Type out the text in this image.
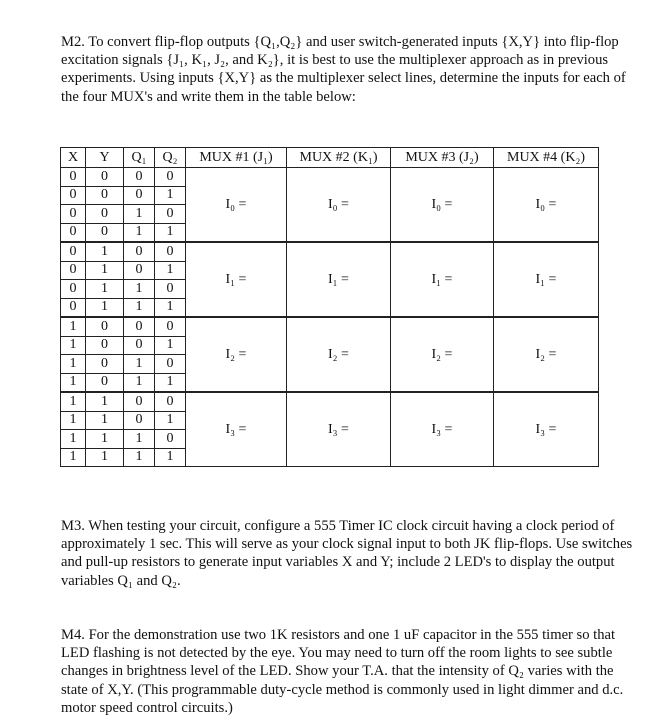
M2. To convert flip-flop outputs {Q₁,Q₂} and user switch-generated inputs {X,Y} into flip-flop excitation signals {J₁, K₁, J₂, and K₂}, it is best to use the multiplexer approach as in previous experiments. Using inputs {X,Y} as the multiplexer select lines, determine the inputs for each of the four MUX's and write them in the table below:

X	Y	Q₁	Q₂	MUX #1 (J₁)	MUX #2 (K₁)	MUX #3 (J₂)	MUX #4 (K₂)
0	0	0	0	I₀ =	I₀ =	I₀ =	I₀ =
0	0	0	1				
0	0	1	0				
0	0	1	1				
0	1	0	0	I₁ =	I₁ =	I₁ =	I₁ =
0	1	0	1				
0	1	1	0				
0	1	1	1				
1	0	0	0	I₂ =	I₂ =	I₂ =	I₂ =
1	0	0	1				
1	0	1	0				
1	0	1	1				
1	1	0	0	I₃ =	I₃ =	I₃ =	I₃ =
1	1	0	1				
1	1	1	0				
1	1	1	1				

M3. When testing your circuit, configure a 555 Timer IC clock circuit having a clock period of approximately 1 sec. This will serve as your clock signal input to both JK flip-flops. Use switches and pull-up resistors to generate input variables X and Y; include 2 LED's to display the output variables Q₁ and Q₂.

M4. For the demonstration use two 1K resistors and one 1 uF capacitor in the 555 timer so that LED flashing is not detected by the eye. You may need to turn off the room lights to see subtle changes in brightness level of the LED. Show your T.A. that the intensity of Q₂ varies with the state of X,Y. (This programmable duty-cycle method is commonly used in light dimmer and d.c. motor speed control circuits.)
